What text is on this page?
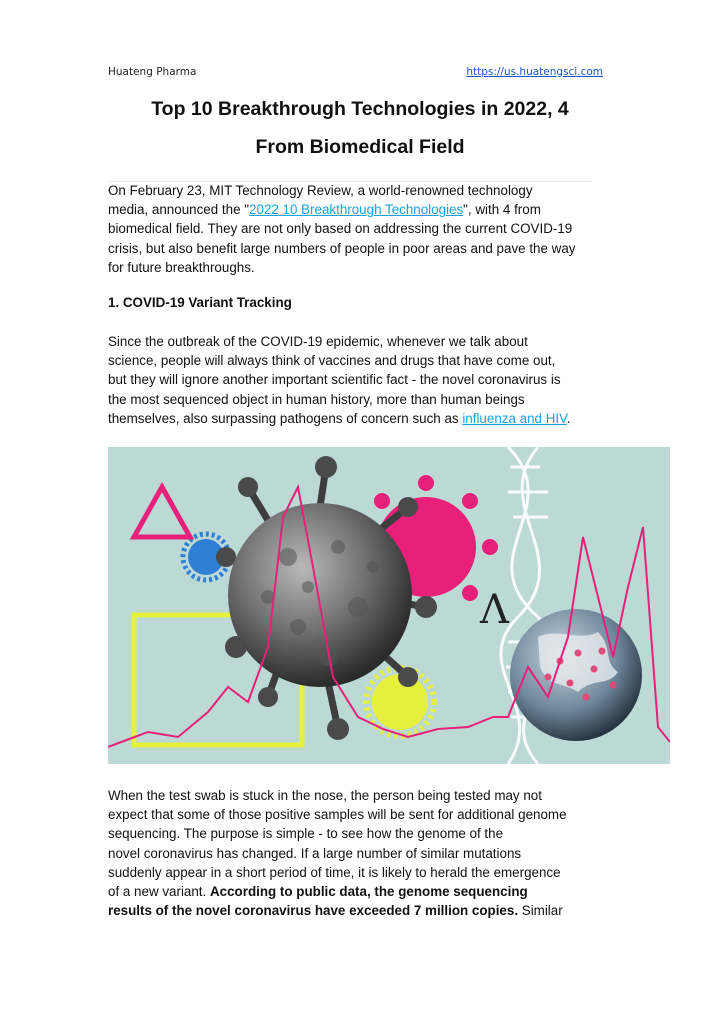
Huateng Pharma	https://us.huatengsci.com
Top 10 Breakthrough Technologies in 2022, 4
From Biomedical Field

On February 23, MIT Technology Review, a world-renowned technology

media, announced the "2022 10 Breakthrough Technologies", with 4 from

biomedical field. They are not only based on addressing the current COVID-19

crisis, but also benefit large numbers of people in poor areas and pave the way

for future breakthroughs.

1. COVID-19 Variant Tracking

Since the outbreak of the COVID-19 epidemic, whenever we talk about

science, people will always think of vaccines and drugs that have come out,

but they will ignore another important scientific fact - the novel coronavirus is

the most sequenced object in human history, more than human beings

themselves, also surpassing pathogens of concern such as influenza and HIV.

Λ

When the test swab is stuck in the nose, the person being tested may not

expect that some of those positive samples will be sent for additional genome

sequencing. The purpose is simple - to see how the genome of the

novel coronavirus has changed. If a large number of similar mutations

suddenly appear in a short period of time, it is likely to herald the emergence

of a new variant. According to public data, the genome sequencing

results of the novel coronavirus have exceeded 7 million copies. Similar
